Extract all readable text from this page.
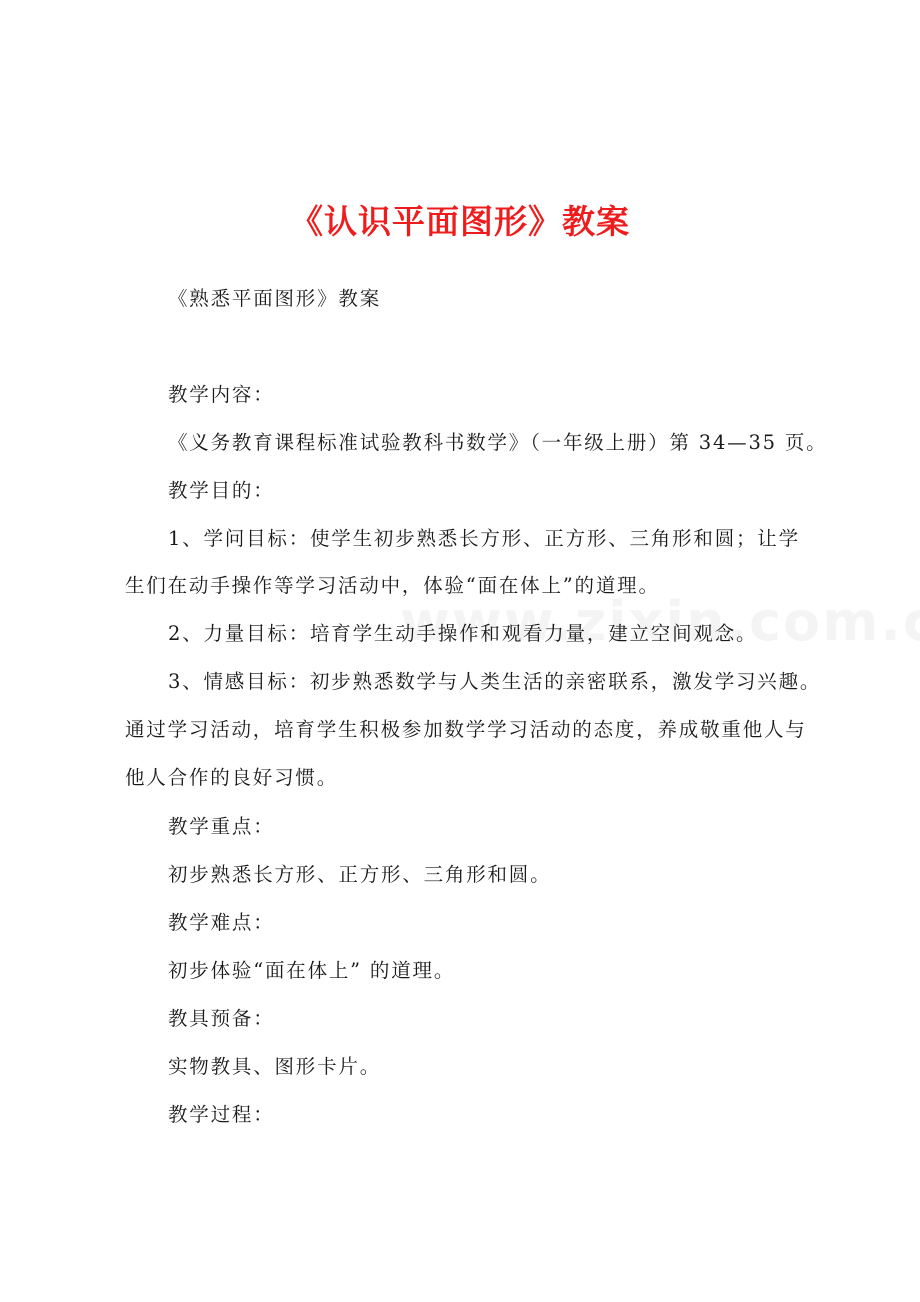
《认识平面图形》教案
《熟悉平面图形》教案
教学内容：
《义务教育课程标准试验教科书数学》（一年级上册）第 34—35 页。
教学目的：
1、学问目标：使学生初步熟悉长方形、正方形、三角形和圆；让学
生们在动手操作等学习活动中，体验“面在体上”的道理。
2、力量目标：培育学生动手操作和观看力量，建立空间观念。
3、情感目标：初步熟悉数学与人类生活的亲密联系，激发学习兴趣。
通过学习活动，培育学生积极参加数学学习活动的态度，养成敬重他人与
他人合作的良好习惯。
教学重点：
初步熟悉长方形、正方形、三角形和圆。
教学难点：
初步体验“面在体上” 的道理。
教具预备：
实物教具、图形卡片。
教学过程：
